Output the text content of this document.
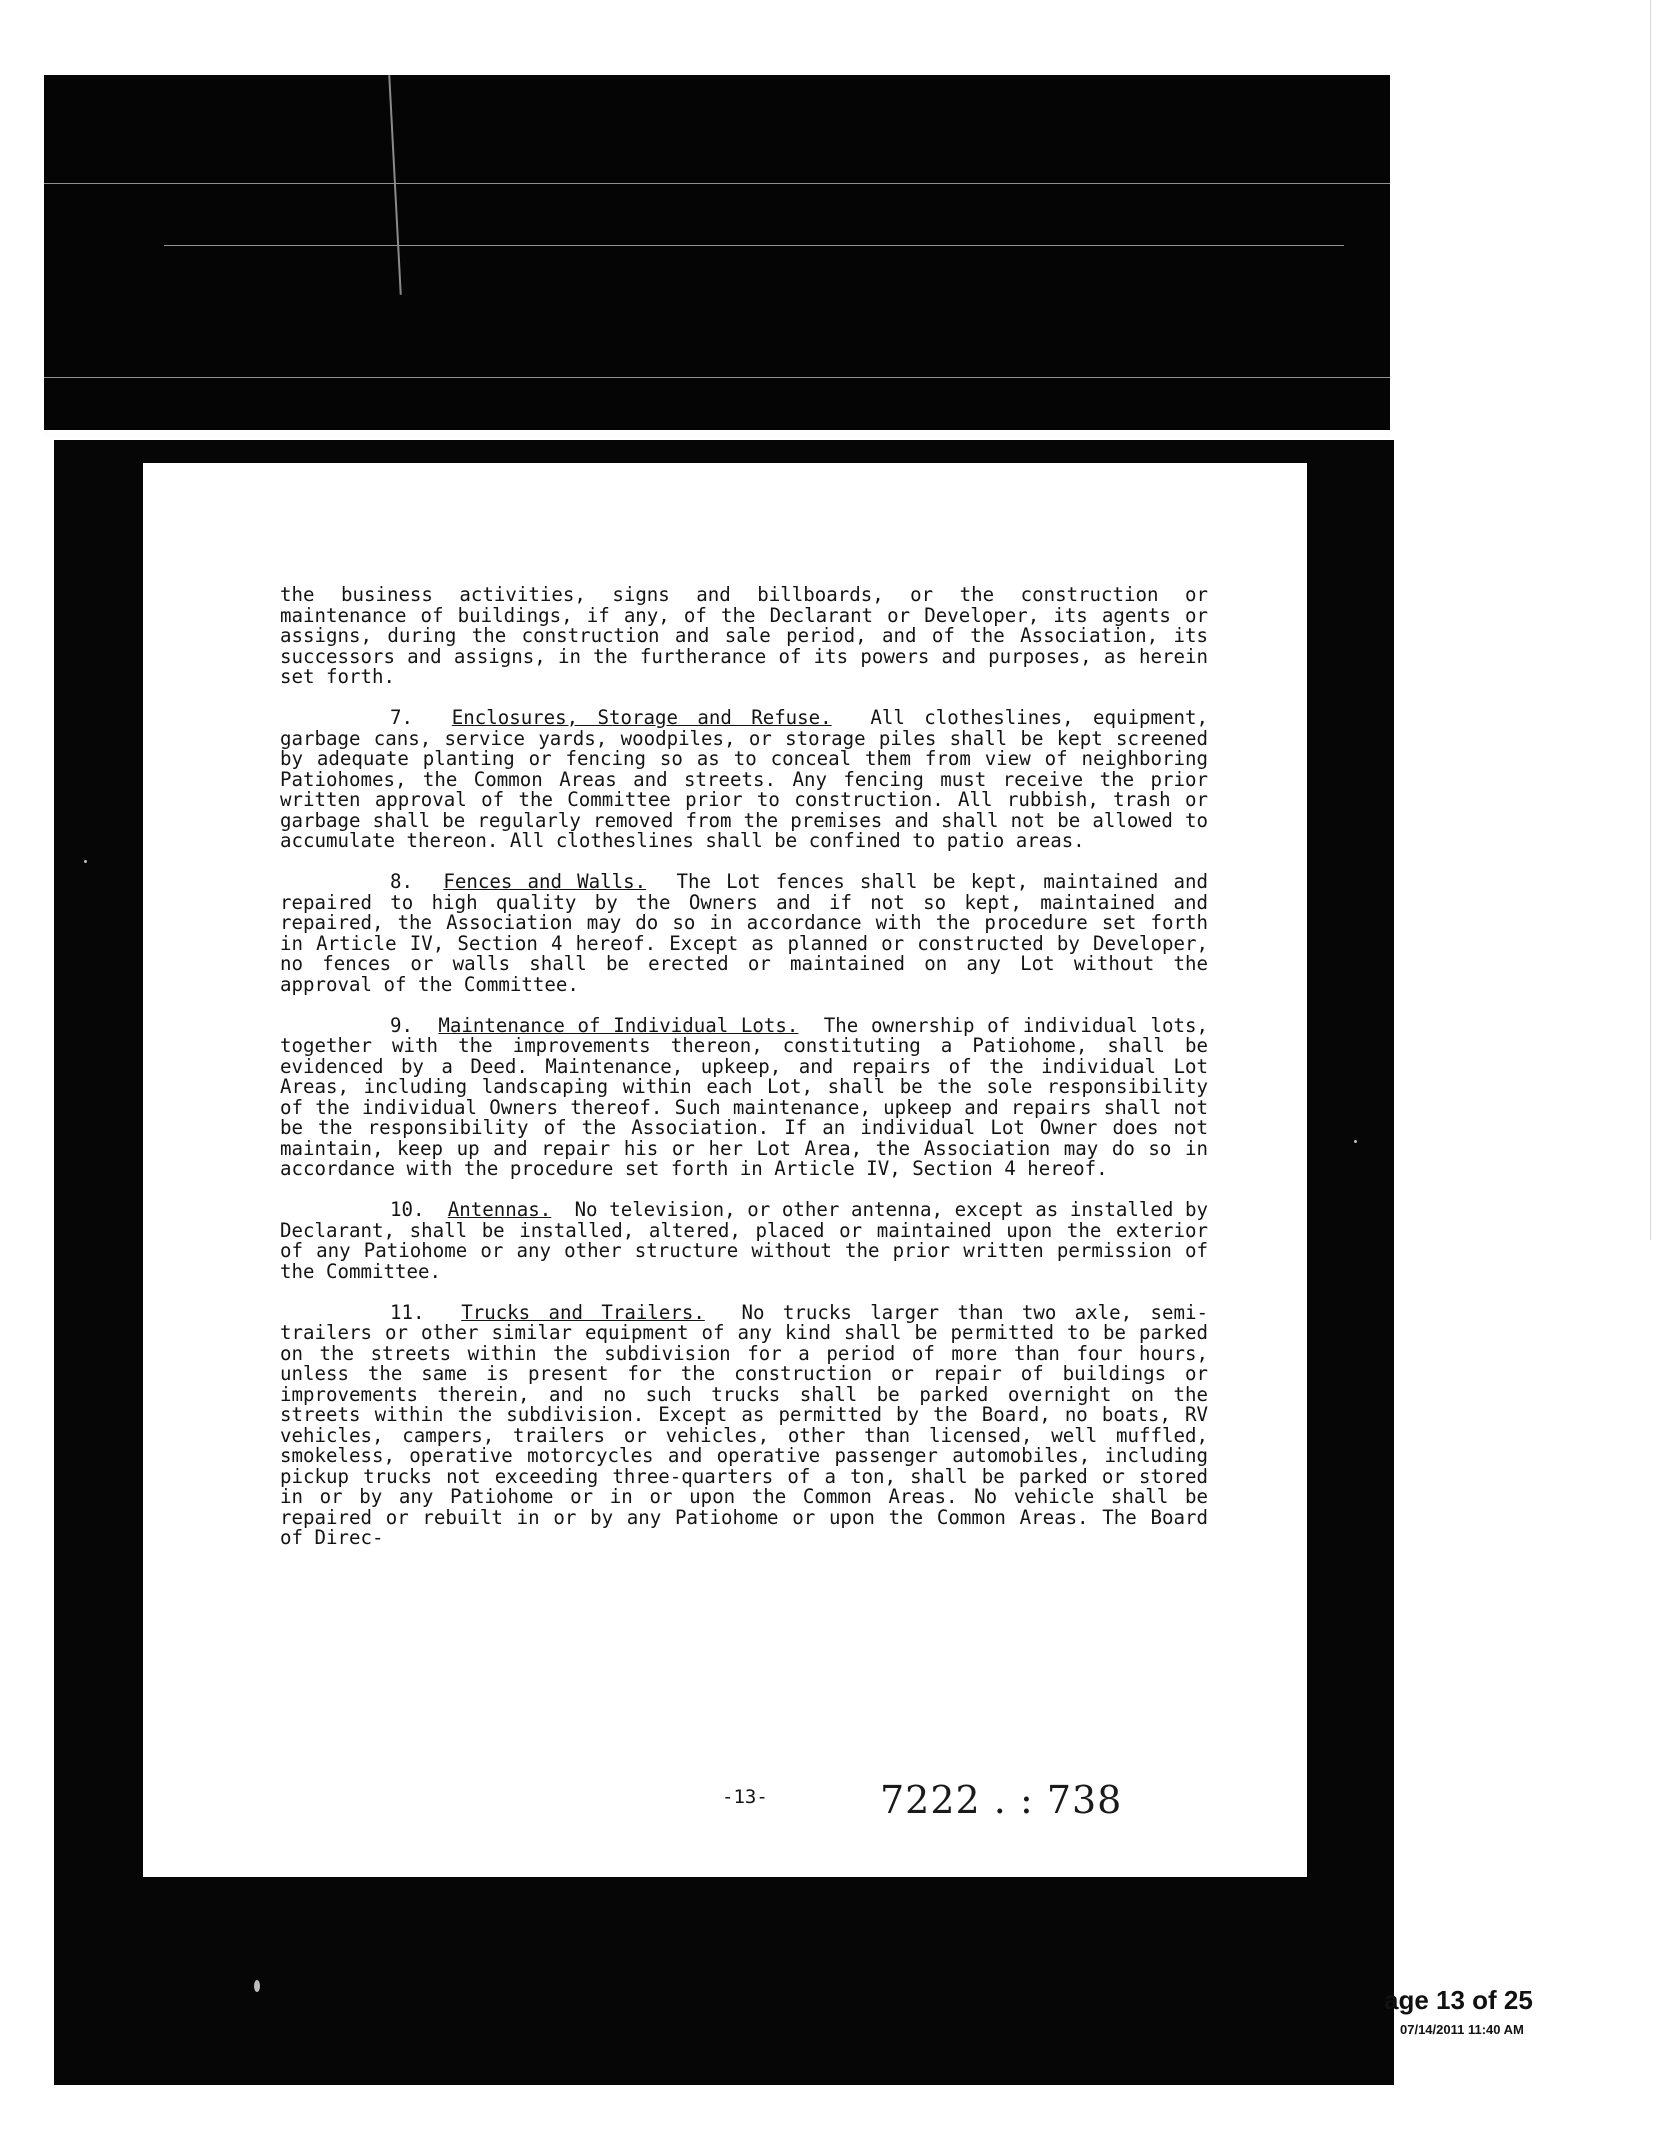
the business activities, signs and billboards, or the construction or maintenance of buildings, if any, of the Declarant or Developer, its agents or assigns, during the construction and sale period, and of the Association, its successors and assigns, in the furtherance of its powers and purposes, as herein set forth.

7. Enclosures, Storage and Refuse. All clotheslines, equipment, garbage cans, service yards, woodpiles, or storage piles shall be kept screened by adequate planting or fencing so as to conceal them from view of neighboring Patiohomes, the Common Areas and streets. Any fencing must receive the prior written approval of the Committee prior to construction. All rubbish, trash or garbage shall be regularly removed from the premises and shall not be allowed to accumulate thereon. All clotheslines shall be confined to patio areas.

8. Fences and Walls. The Lot fences shall be kept, maintained and repaired to high quality by the Owners and if not so kept, maintained and repaired, the Association may do so in accordance with the procedure set forth in Article IV, Section 4 hereof. Except as planned or constructed by Developer, no fences or walls shall be erected or maintained on any Lot without the approval of the Committee.

9. Maintenance of Individual Lots. The ownership of individual lots, together with the improvements thereon, constituting a Patiohome, shall be evidenced by a Deed. Maintenance, upkeep, and repairs of the individual Lot Areas, including landscaping within each Lot, shall be the sole responsibility of the individual Owners thereof. Such maintenance, upkeep and repairs shall not be the responsibility of the Association. If an individual Lot Owner does not maintain, keep up and repair his or her Lot Area, the Association may do so in accordance with the procedure set forth in Article IV, Section 4 hereof.

10. Antennas. No television, or other antenna, except as installed by Declarant, shall be installed, altered, placed or maintained upon the exterior of any Patiohome or any other structure without the prior written permission of the Committee.

11. Trucks and Trailers. No trucks larger than two axle, semi-trailers or other similar equipment of any kind shall be permitted to be parked on the streets within the subdivision for a period of more than four hours, unless the same is present for the construction or repair of buildings or improvements therein, and no such trucks shall be parked overnight on the streets within the subdivision. Except as permitted by the Board, no boats, RV vehicles, campers, trailers or vehicles, other than licensed, well muffled, smokeless, operative motorcycles and operative passenger automobiles, including pickup trucks not exceeding three-quarters of a ton, shall be parked or stored in or by any Patiohome or in or upon the Common Areas. No vehicle shall be repaired or rebuilt in or by any Patiohome or upon the Common Areas. The Board of Direc-

-13-	7222 . : 738
age 13 of 25
07/14/2011 11:40 AM
